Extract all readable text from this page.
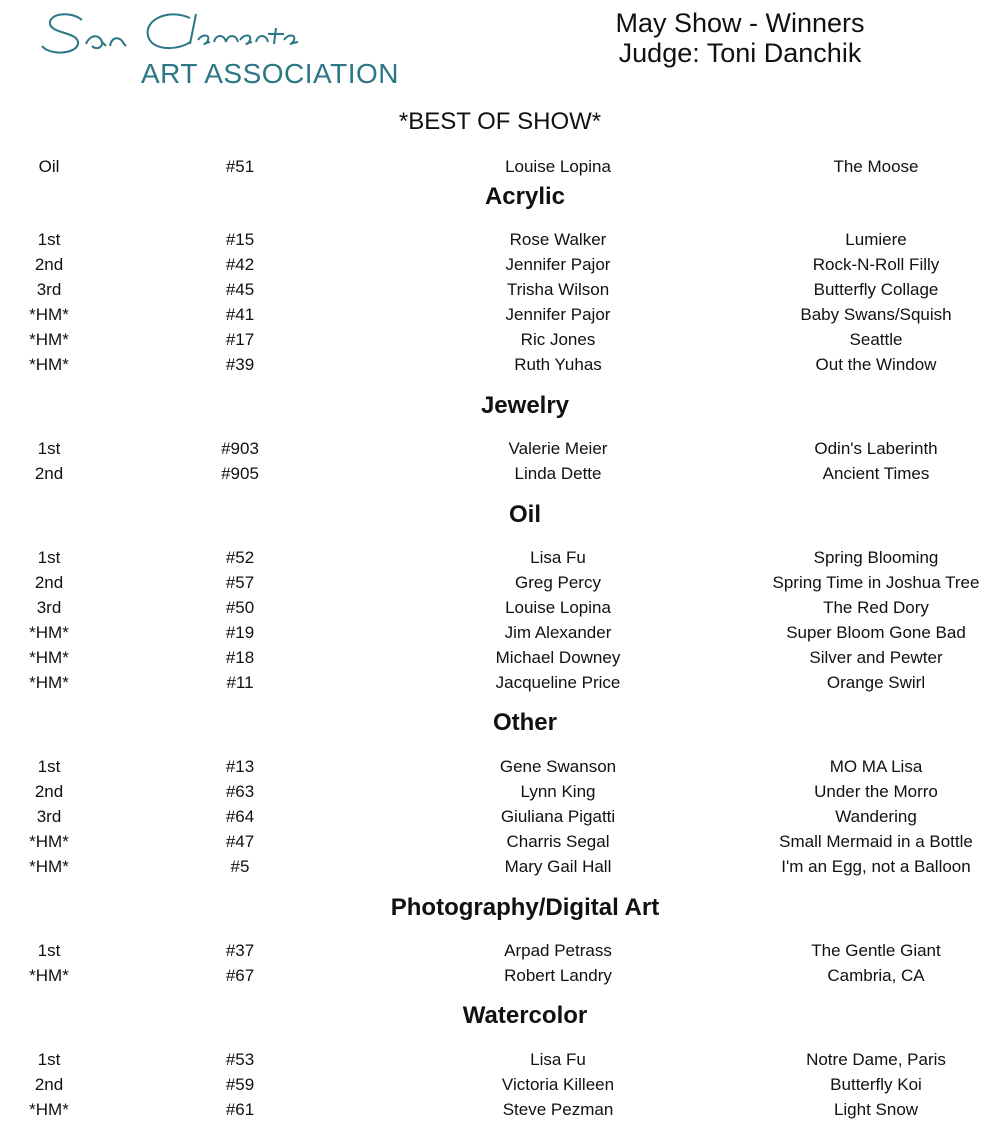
ART ASSOCIATION
May Show - Winners
Judge: Toni Danchik
*BEST OF SHOW*
Oil	#51	Louise Lopina	The Moose
Acrylic
1st	#15	Rose Walker	Lumiere
2nd	#42	Jennifer Pajor	Rock-N-Roll Filly
3rd	#45	Trisha Wilson	Butterfly Collage
*HM*	#41	Jennifer Pajor	Baby Swans/Squish
*HM*	#17	Ric Jones	Seattle
*HM*	#39	Ruth Yuhas	Out the Window
Jewelry
1st	#903	Valerie Meier	Odin's Laberinth
2nd	#905	Linda Dette	Ancient Times
Oil
1st	#52	Lisa Fu	Spring Blooming
2nd	#57	Greg Percy	Spring Time in Joshua Tree
3rd	#50	Louise Lopina	The Red Dory
*HM*	#19	Jim Alexander	Super Bloom Gone Bad
*HM*	#18	Michael Downey	Silver and Pewter
*HM*	#11	Jacqueline Price	Orange Swirl
Other
1st	#13	Gene Swanson	MO MA Lisa
2nd	#63	Lynn King	Under the Morro
3rd	#64	Giuliana Pigatti	Wandering
*HM*	#47	Charris Segal	Small Mermaid in a Bottle
*HM*	#5	Mary Gail Hall	I'm an Egg, not a Balloon
Photography/Digital Art
1st	#37	Arpad Petrass	The Gentle Giant
*HM*	#67	Robert Landry	Cambria, CA
Watercolor
1st	#53	Lisa Fu	Notre Dame, Paris
2nd	#59	Victoria Killeen	Butterfly Koi
*HM*	#61	Steve Pezman	Light Snow
